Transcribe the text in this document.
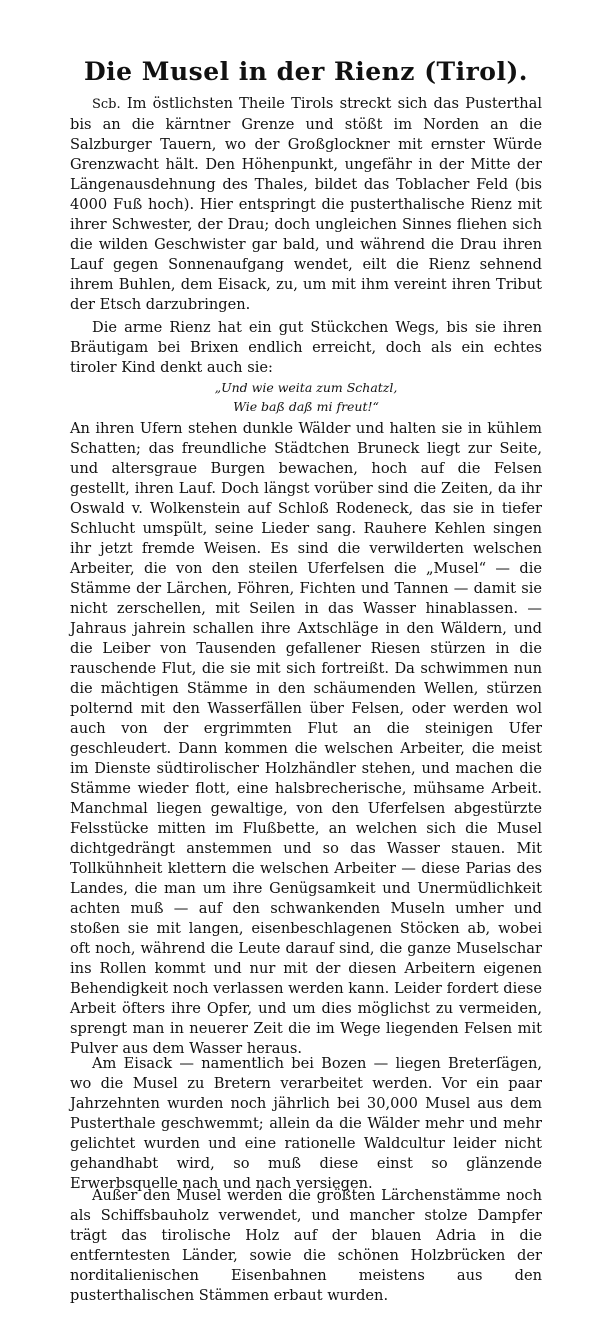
Die Musel in der Rienz (Tirol).

Scb. Im östlichsten Theile Tirols streckt sich das Pusterthal bis an die kärntner Grenze und stößt im Norden an die Salzburger Tauern, wo der Großglockner mit ernster Würde Grenzwacht hält. Den Höhenpunkt, ungefähr in der Mitte der Längenausdehnung des Thales, bildet das Toblacher Feld (bis 4000 Fuß hoch). Hier entspringt die pusterthalische Rienz mit ihrer Schwester, der Drau; doch ungleichen Sinnes fliehen sich die wilden Geschwister gar bald, und während die Drau ihren Lauf gegen Sonnenaufgang wendet, eilt die Rienz sehnend ihrem Buhlen, dem Eisack, zu, um mit ihm vereint ihren Tribut der Etsch darzubringen.

Die arme Rienz hat ein gut Stückchen Wegs, bis sie ihren Bräutigam bei Brixen endlich erreicht, doch als ein echtes tiroler Kind denkt auch sie:

„Und wie weita zum Schatzl,
Wie baß daß mi freut!“

An ihren Ufern stehen dunkle Wälder und halten sie in kühlem Schatten; das freundliche Städtchen Bruneck liegt zur Seite, und altersgraue Burgen bewachen, hoch auf die Felsen gestellt, ihren Lauf. Doch längst vorüber sind die Zeiten, da ihr Oswald v. Wolkenstein auf Schloß Rodeneck, das sie in tiefer Schlucht umspült, seine Lieder sang. Rauhere Kehlen singen ihr jetzt fremde Weisen. Es sind die verwilderten welschen Arbeiter, die von den steilen Uferfelsen die „Musel“ — die Stämme der Lärchen, Föhren, Fichten und Tannen — damit sie nicht zerschellen, mit Seilen in das Wasser hinablassen. — Jahraus jahrein schallen ihre Axtschläge in den Wäldern, und die Leiber von Tausenden gefallener Riesen stürzen in die rauschende Flut, die sie mit sich fortreißt. Da schwimmen nun die mächtigen Stämme in den schäumenden Wellen, stürzen polternd mit den Wasserfällen über Felsen, oder werden wol auch von der ergrimmten Flut an die steinigen Ufer geschleudert. Dann kommen die welschen Arbeiter, die meist im Dienste südtirolischer Holzhändler stehen, und machen die Stämme wieder flott, eine halsbrecherische, mühsame Arbeit. Manchmal liegen gewaltige, von den Uferfelsen abgestürzte Felsstücke mitten im Flußbette, an welchen sich die Musel dichtgedrängt anstemmen und so das Wasser stauen. Mit Tollkühnheit klettern die welschen Arbeiter — diese Parias des Landes, die man um ihre Genügsamkeit und Unermüdlichkeit achten muß — auf den schwankenden Museln umher und stoßen sie mit langen, eisenbeschlagenen Stöcken ab, wobei oft noch, während die Leute darauf sind, die ganze Muselschar ins Rollen kommt und nur mit der diesen Arbeitern eigenen Behendigkeit noch verlassen werden kann. Leider fordert diese Arbeit öfters ihre Opfer, und um dies möglichst zu vermeiden, sprengt man in neuerer Zeit die im Wege liegenden Felsen mit Pulver aus dem Wasser heraus.

Am Eisack — namentlich bei Bozen — liegen Breterſägen, wo die Musel zu Bretern verarbeitet werden. Vor ein paar Jahrzehnten wurden noch jährlich bei 30,000 Musel aus dem Pusterthale geschwemmt; allein da die Wälder mehr und mehr gelichtet wurden und eine rationelle Waldcultur leider nicht gehandhabt wird, so muß diese einst so glänzende Erwerbsquelle nach und nach versiegen.

Außer den Musel werden die größten Lärchenstämme noch als Schiffsbauholz verwendet, und mancher stolze Dampfer trägt das tirolische Holz auf der blauen Adria in die entferntesten Länder, sowie die schönen Holzbrücken der norditalienischen Eisenbahnen meistens aus den pusterthalischen Stämmen erbaut wurden.
